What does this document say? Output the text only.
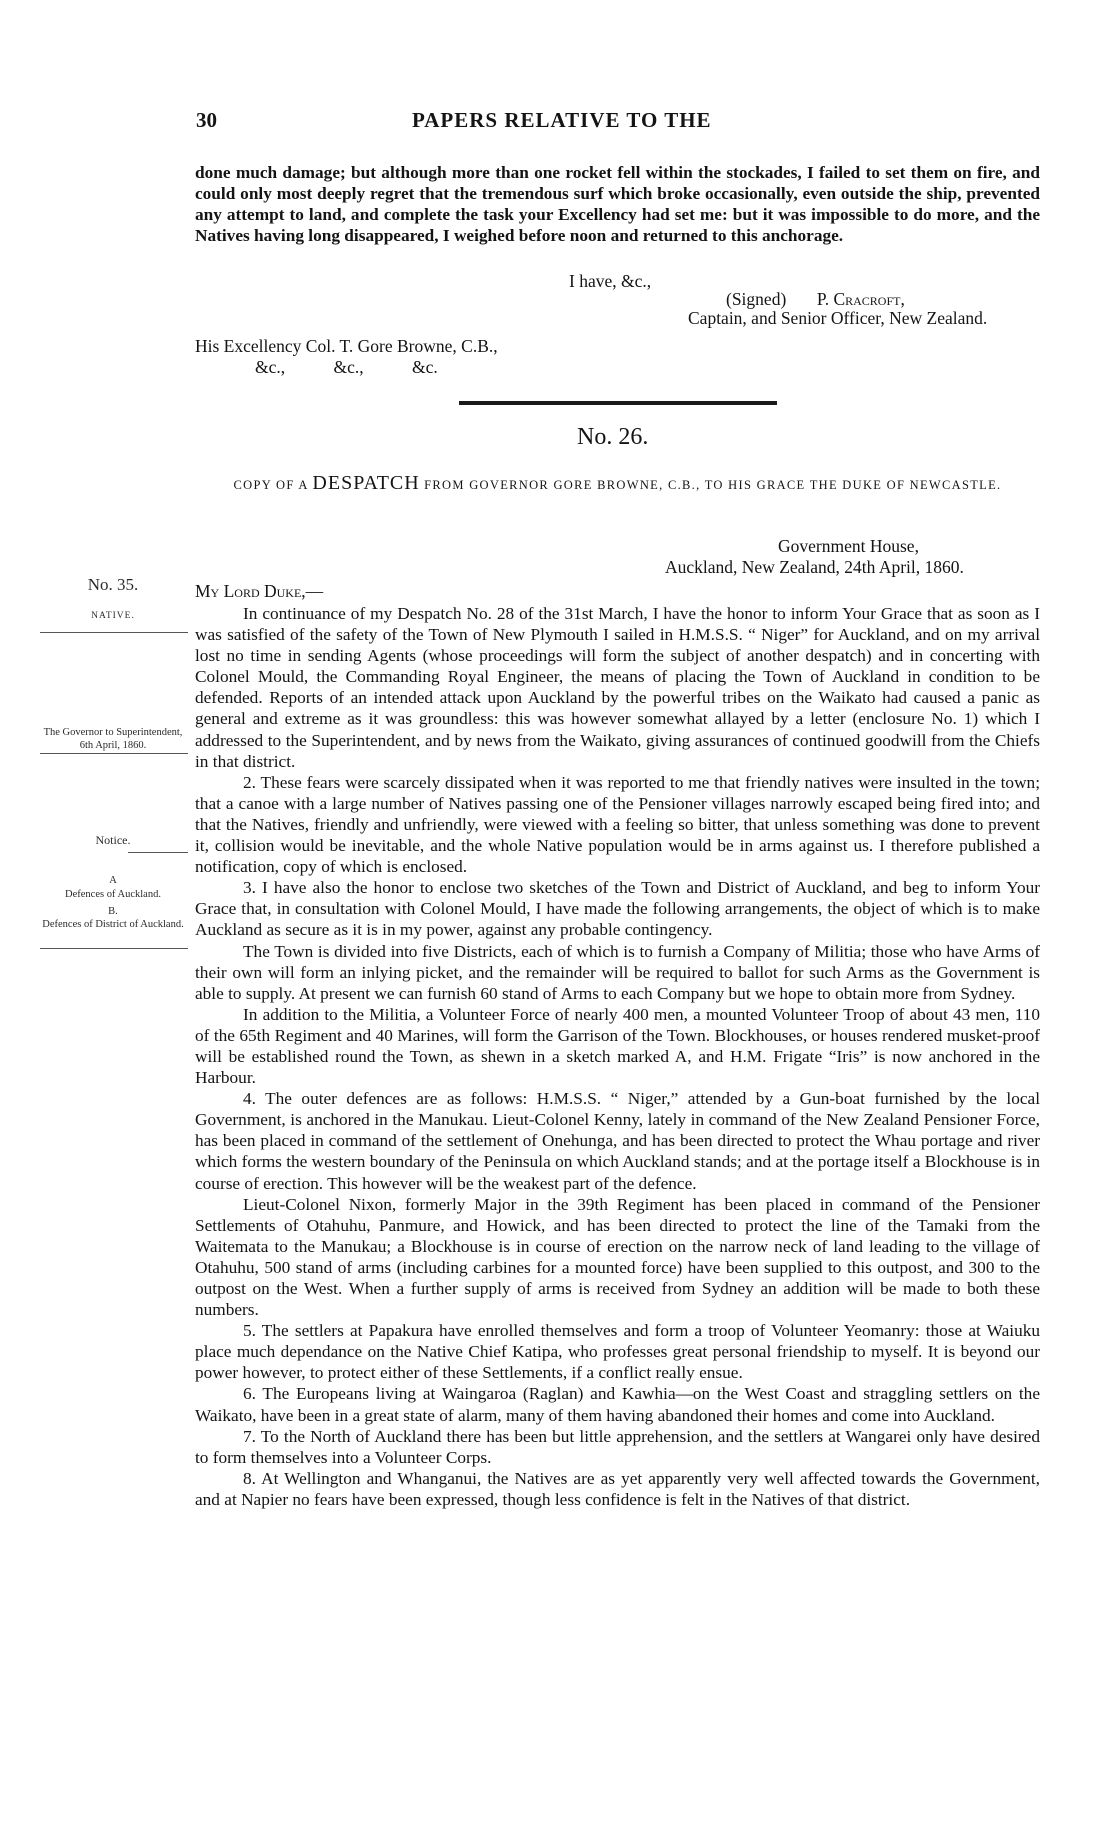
30	PAPERS RELATIVE TO THE

done much damage; but although more than one rocket fell within the stockades, I failed to set them on fire, and could only most deeply regret that the tremendous surf which broke occasionally, even outside the ship, prevented any attempt to land, and complete the task your Excellency had set me: but it was impossible to do more, and the Natives having long disappeared, I weighed before noon and returned to this anchorage.

I have, &c.,
(Signed) P. Cracroft,
Captain, and Senior Officer, New Zealand.
His Excellency Col. T. Gore Browne, C.B.,
&c., &c., &c.
No. 26.
COPY OF A DESPATCH FROM GOVERNOR GORE BROWNE, C.B., TO HIS GRACE THE DUKE OF NEWCASTLE.
Government House,
Auckland, New Zealand, 24th April, 1860.
My Lord Duke,—

In continuance of my Despatch No. 28 of the 31st March, I have the honor to inform Your Grace that as soon as I was satisfied of the safety of the Town of New Plymouth I sailed in H.M.S.S. “ Niger” for Auckland, and on my arrival lost no time in sending Agents (whose proceedings will form the subject of another despatch) and in concerting with Colonel Mould, the Commanding Royal Engineer, the means of placing the Town of Auckland in condition to be defended. Reports of an intended attack upon Auckland by the powerful tribes on the Waikato had caused a panic as general and extreme as it was groundless: this was however somewhat allayed by a letter (enclosure No. 1) which I addressed to the Superintendent, and by news from the Waikato, giving assurances of continued goodwill from the Chiefs in that district.

2. These fears were scarcely dissipated when it was reported to me that friendly natives were insulted in the town; that a canoe with a large number of Natives passing one of the Pensioner villages narrowly escaped being fired into; and that the Natives, friendly and unfriendly, were viewed with a feeling so bitter, that unless something was done to prevent it, collision would be inevitable, and the whole Native population would be in arms against us. I therefore published a notification, copy of which is enclosed.

3. I have also the honor to enclose two sketches of the Town and District of Auckland, and beg to inform Your Grace that, in consultation with Colonel Mould, I have made the following arrangements, the object of which is to make Auckland as secure as it is in my power, against any probable contingency.

The Town is divided into five Districts, each of which is to furnish a Company of Militia; those who have Arms of their own will form an inlying picket, and the remainder will be required to ballot for such Arms as the Government is able to supply. At present we can furnish 60 stand of Arms to each Company but we hope to obtain more from Sydney.

In addition to the Militia, a Volunteer Force of nearly 400 men, a mounted Volunteer Troop of about 43 men, 110 of the 65th Regiment and 40 Marines, will form the Garrison of the Town. Blockhouses, or houses rendered musket-proof will be established round the Town, as shewn in a sketch marked A, and H.M. Frigate “Iris” is now anchored in the Harbour.

4. The outer defences are as follows: H.M.S.S. “ Niger,” attended by a Gun-boat furnished by the local Government, is anchored in the Manukau. Lieut-Colonel Kenny, lately in command of the New Zealand Pensioner Force, has been placed in command of the settlement of Onehunga, and has been directed to protect the Whau portage and river which forms the western boundary of the Peninsula on which Auckland stands; and at the portage itself a Blockhouse is in course of erection. This however will be the weakest part of the defence.

Lieut-Colonel Nixon, formerly Major in the 39th Regiment has been placed in command of the Pensioner Settlements of Otahuhu, Panmure, and Howick, and has been directed to protect the line of the Tamaki from the Waitemata to the Manukau; a Blockhouse is in course of erection on the narrow neck of land leading to the village of Otahuhu, 500 stand of arms (including carbines for a mounted force) have been supplied to this outpost, and 300 to the outpost on the West. When a further supply of arms is received from Sydney an addition will be made to both these numbers.

5. The settlers at Papakura have enrolled themselves and form a troop of Volunteer Yeomanry: those at Waiuku place much dependance on the Native Chief Katipa, who professes great personal friendship to myself. It is beyond our power however, to protect either of these Settlements, if a conflict really ensue.

6. The Europeans living at Waingaroa (Raglan) and Kawhia—on the West Coast and straggling settlers on the Waikato, have been in a great state of alarm, many of them having abandoned their homes and come into Auckland.

7. To the North of Auckland there has been but little apprehension, and the settlers at Wangarei only have desired to form themselves into a Volunteer Corps.

8. At Wellington and Whanganui, the Natives are as yet apparently very well affected towards the Government, and at Napier no fears have been expressed, though less confidence is felt in the Natives of that district.

No. 35.
NATIVE.
The Governor to Superintendent, 6th April, 1860.
Notice.
A
Defences of Auckland.
B.
Defences of District of Auckland.
